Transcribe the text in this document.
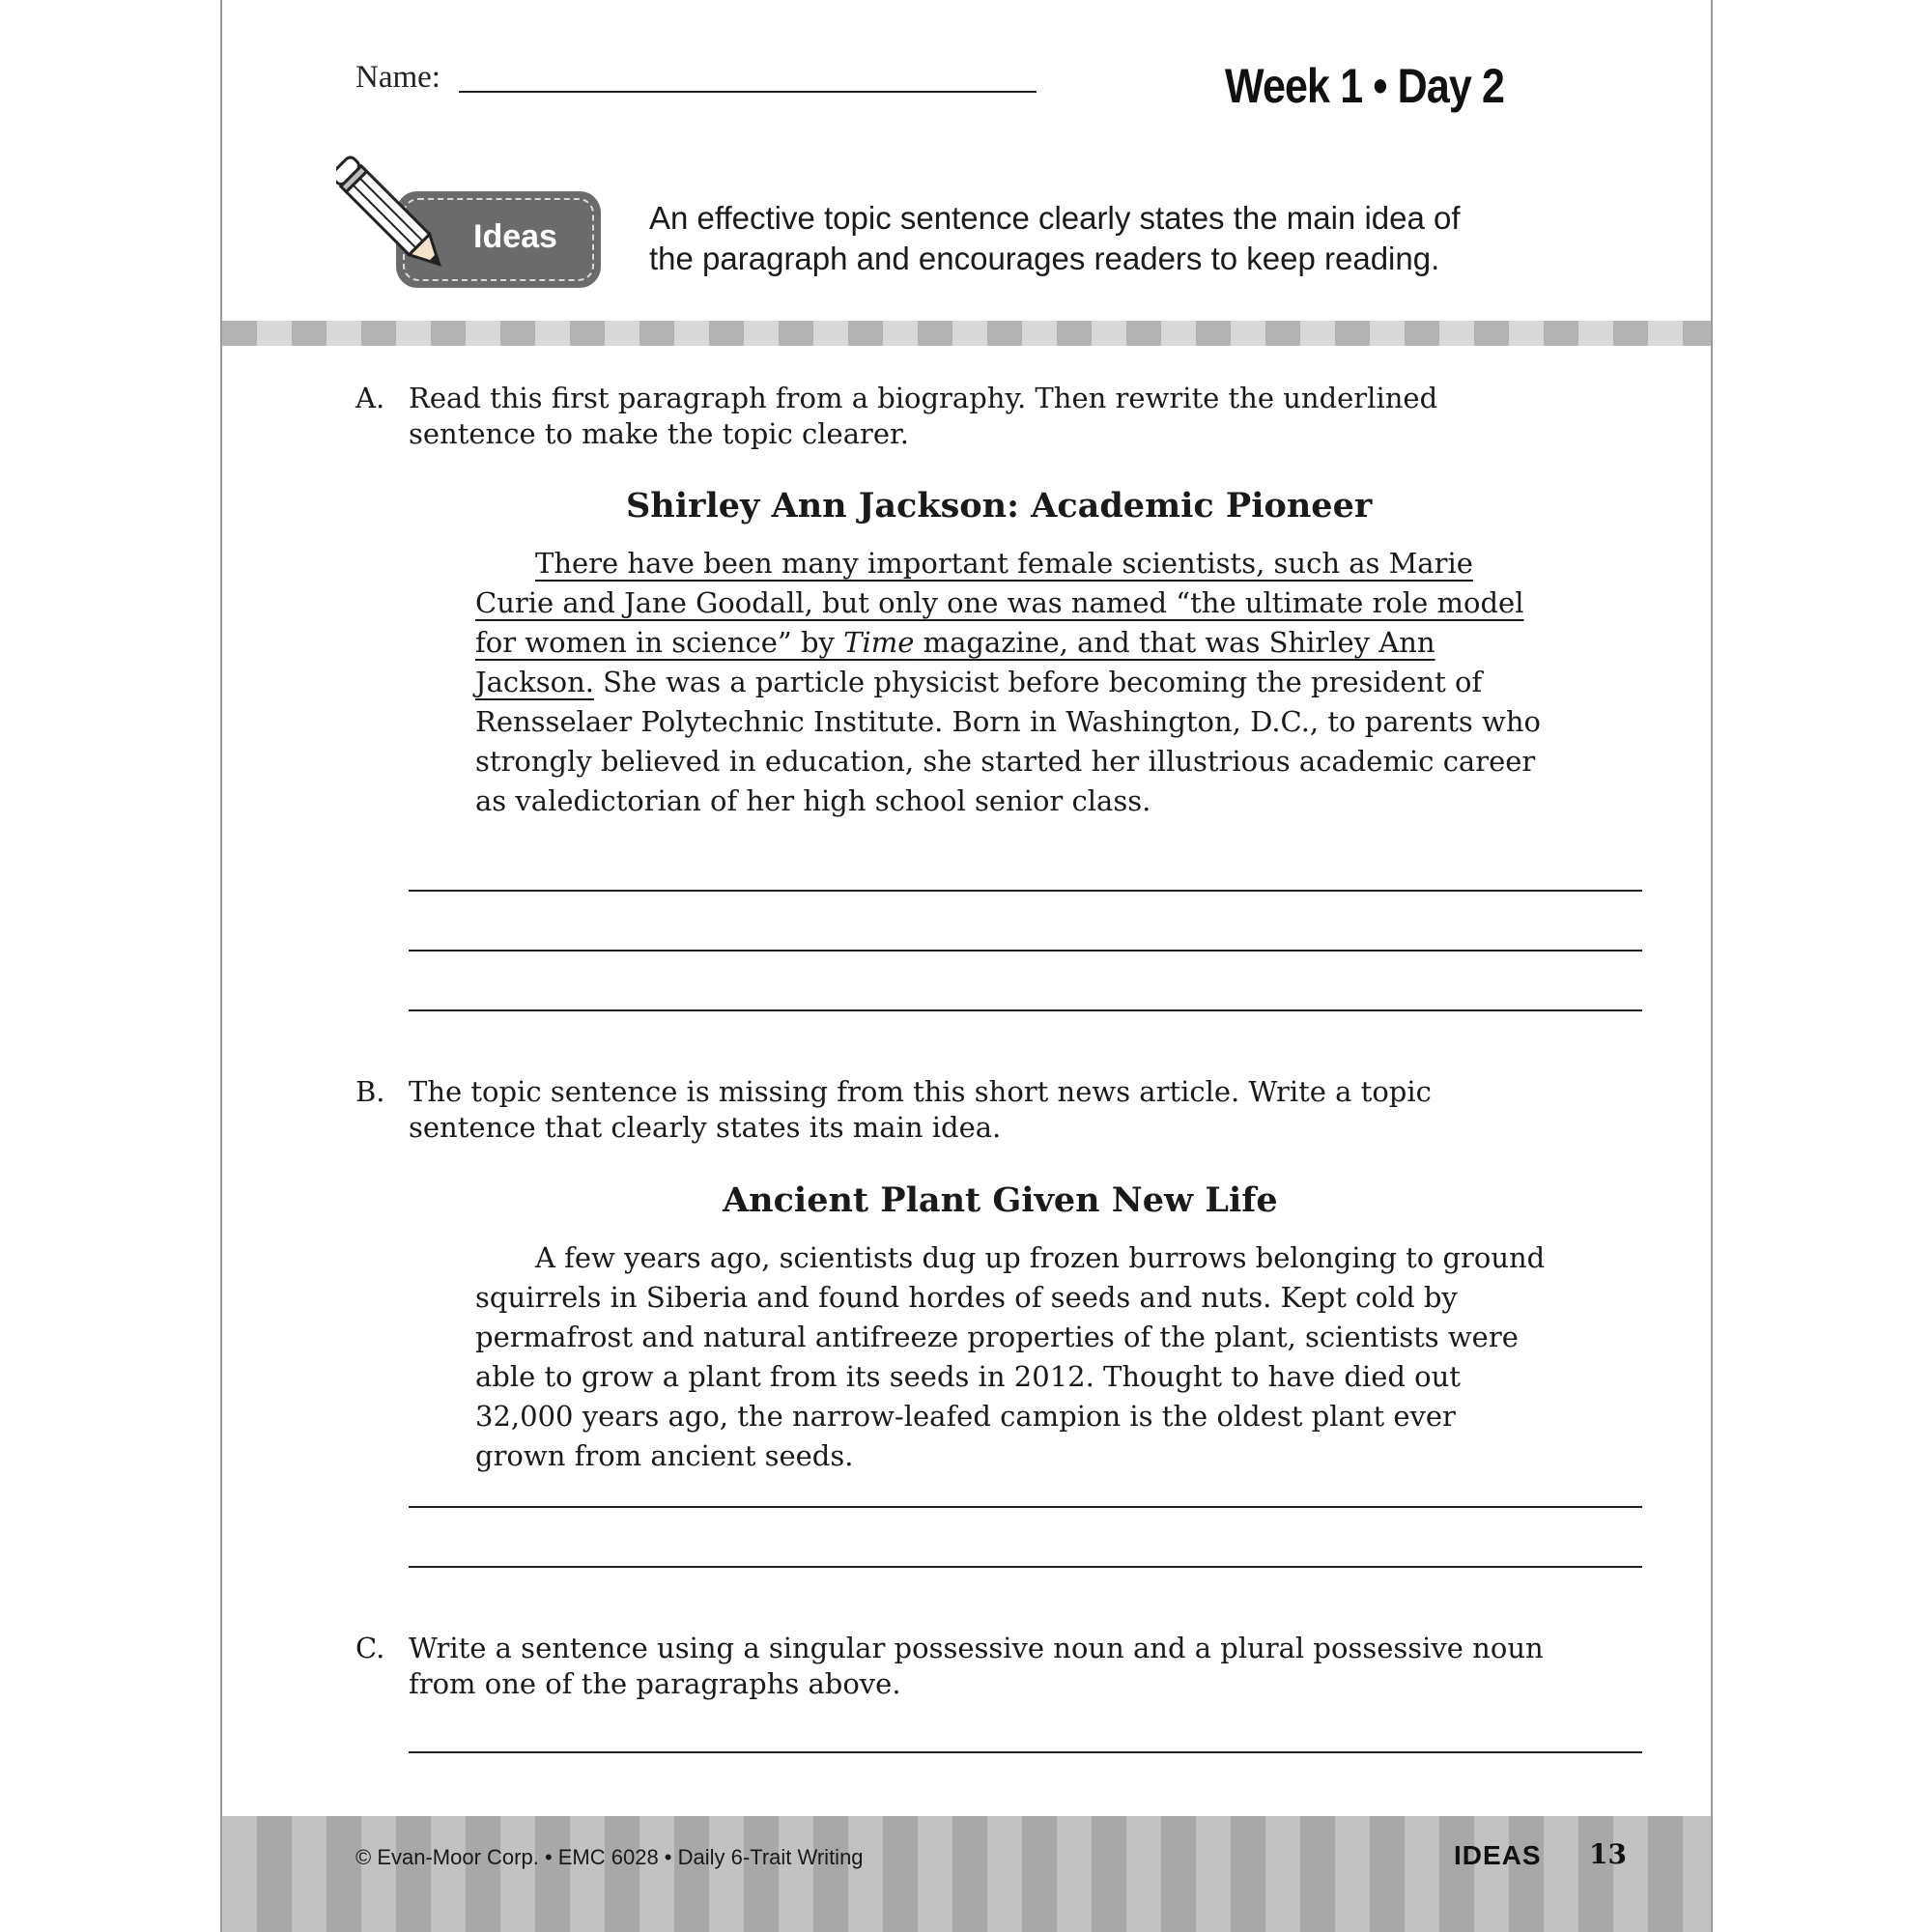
Name:	Week 1 • Day 2
Ideas
An effective topic sentence clearly states the main idea of the paragraph and encourages readers to keep reading.
A. Read this first paragraph from a biography. Then rewrite the underlined sentence to make the topic clearer.
Shirley Ann Jackson: Academic Pioneer
There have been many important female scientists, such as Marie Curie and Jane Goodall, but only one was named “the ultimate role model for women in science” by Time magazine, and that was Shirley Ann Jackson. She was a particle physicist before becoming the president of Rensselaer Polytechnic Institute. Born in Washington, D.C., to parents who strongly believed in education, she started her illustrious academic career as valedictorian of her high school senior class.
B. The topic sentence is missing from this short news article. Write a topic sentence that clearly states its main idea.
Ancient Plant Given New Life
A few years ago, scientists dug up frozen burrows belonging to ground squirrels in Siberia and found hordes of seeds and nuts. Kept cold by permafrost and natural antifreeze properties of the plant, scientists were able to grow a plant from its seeds in 2012. Thought to have died out 32,000 years ago, the narrow-leafed campion is the oldest plant ever grown from ancient seeds.
C. Write a sentence using a singular possessive noun and a plural possessive noun from one of the paragraphs above.
© Evan-Moor Corp. • EMC 6028 • Daily 6-Trait Writing	IDEAS 13
